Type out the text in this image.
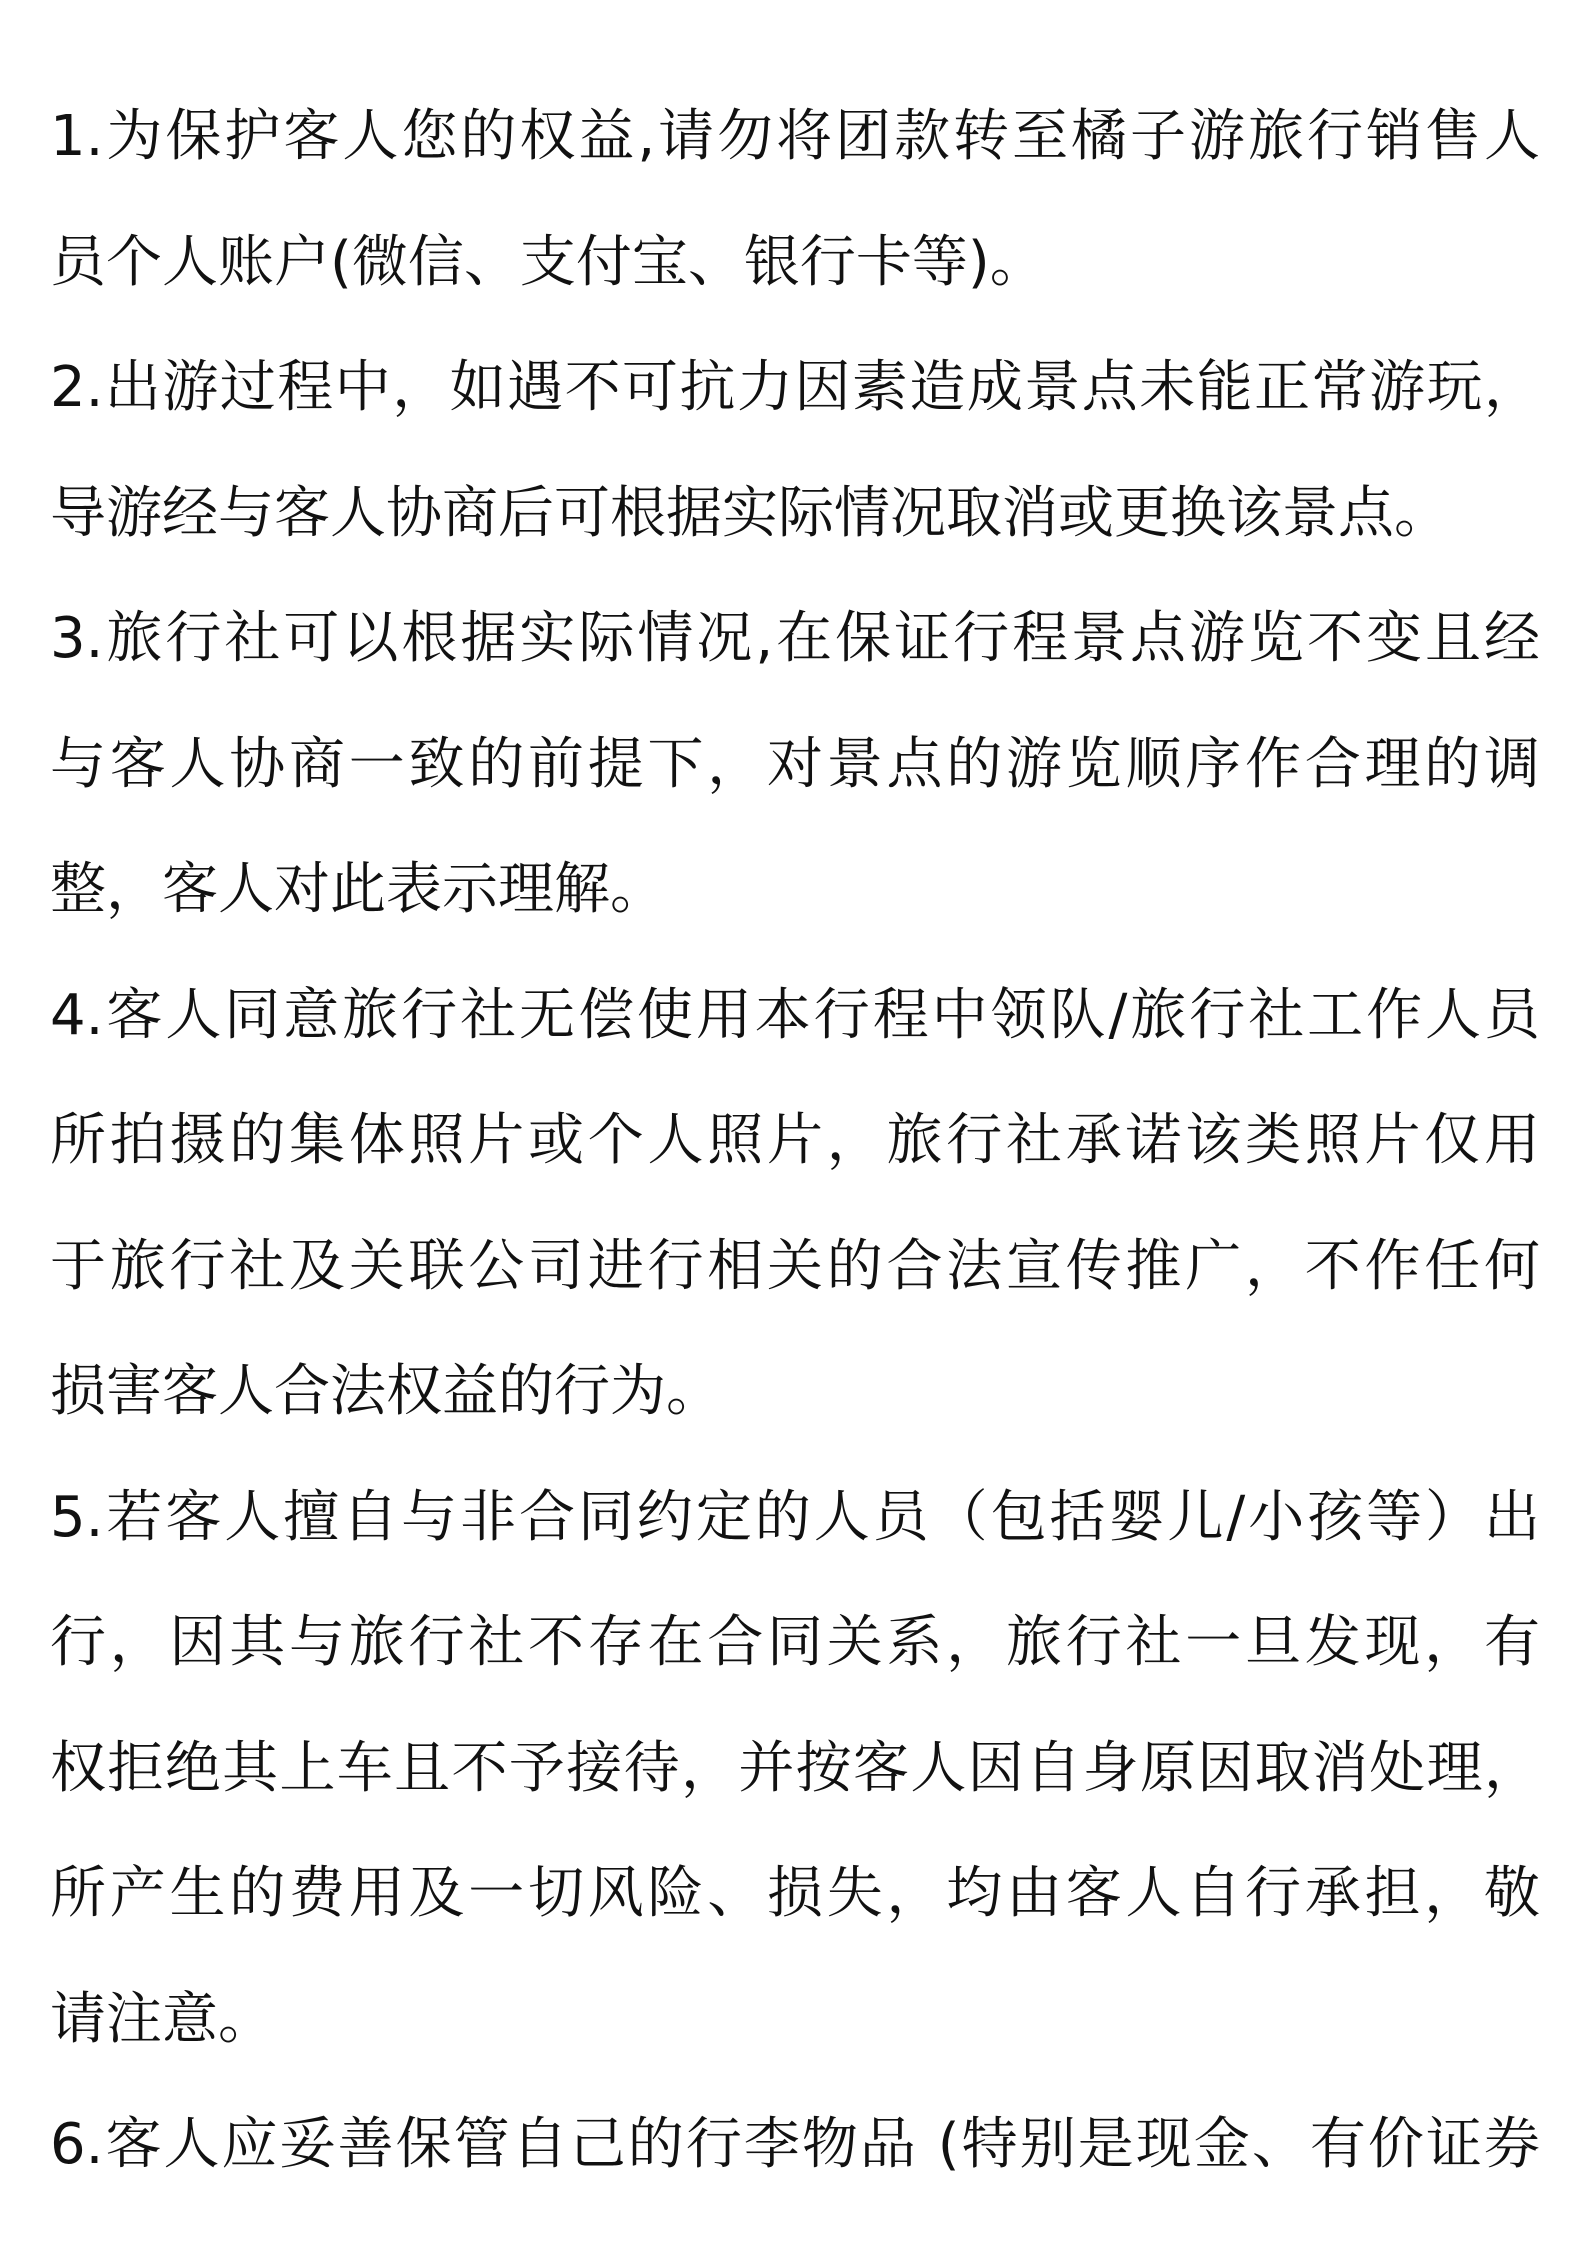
1.为保护客人您的权益,请勿将团款转至橘子游旅行销售人
员个人账户(微信、支付宝、银行卡等)。
2.出游过程中，如遇不可抗力因素造成景点未能正常游玩，
导游经与客人协商后可根据实际情况取消或更换该景点。
3.旅行社可以根据实际情况,在保证行程景点游览不变且经
与客人协商一致的前提下，对景点的游览顺序作合理的调
整，客人对此表示理解。
4.客人同意旅行社无偿使用本行程中领队/旅行社工作人员
所拍摄的集体照片或个人照片，旅行社承诺该类照片仅用
于旅行社及关联公司进行相关的合法宣传推广，不作任何
损害客人合法权益的行为。
5.若客人擅自与非合同约定的人员（包括婴儿/小孩等）出
行，因其与旅行社不存在合同关系，旅行社一旦发现，有
权拒绝其上车且不予接待，并按客人因自身原因取消处理，
所产生的费用及一切风险、损失，均由客人自行承担，敬
请注意。
6.客人应妥善保管自己的行李物品 (特别是现金、有价证券
